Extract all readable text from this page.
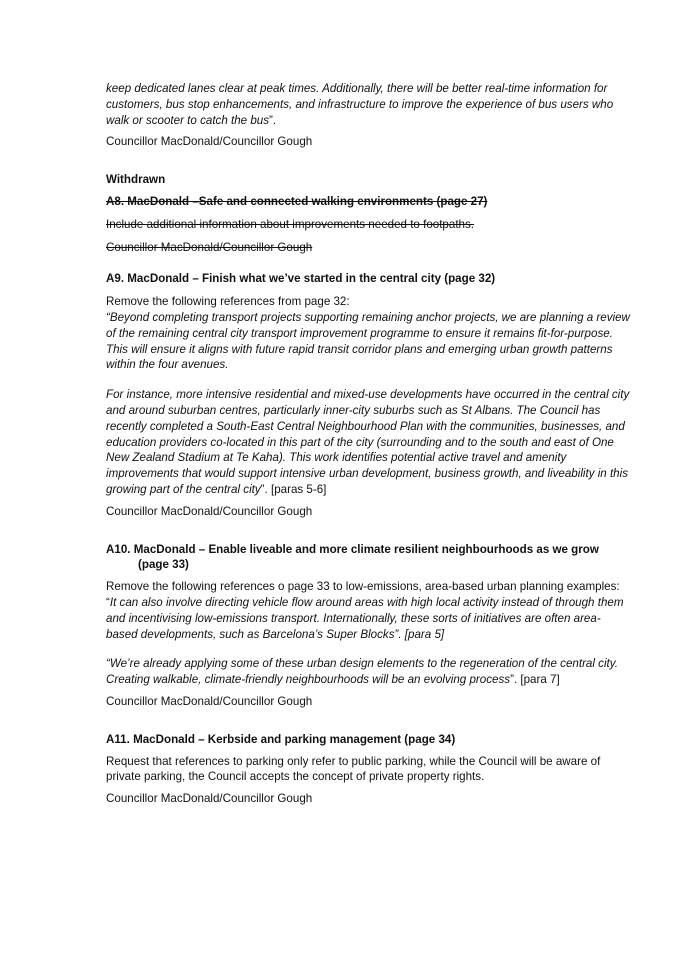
keep dedicated lanes clear at peak times. Additionally, there will be better real-time information for customers, bus stop enhancements, and infrastructure to improve the experience of bus users who walk or scooter to catch the bus”.

Councillor MacDonald/Councillor Gough

Withdrawn

A8. MacDonald –Safe and connected walking environments (page 27)

Include additional information about improvements needed to footpaths.

Councillor MacDonald/Councillor Gough

A9. MacDonald – Finish what we’ve started in the central city (page 32)

Remove the following references from page 32:

“Beyond completing transport projects supporting remaining anchor projects, we are planning a review of the remaining central city transport improvement programme to ensure it remains fit-for-purpose. This will ensure it aligns with future rapid transit corridor plans and emerging urban growth patterns within the four avenues.

For instance, more intensive residential and mixed-use developments have occurred in the central city and around suburban centres, particularly inner-city suburbs such as St Albans. The Council has recently completed a South-East Central Neighbourhood Plan with the communities, businesses, and education providers co-located in this part of the city (surrounding and to the south and east of One New Zealand Stadium at Te Kaha). This work identifies potential active travel and amenity improvements that would support intensive urban development, business growth, and liveability in this growing part of the central city”. [paras 5-6]

Councillor MacDonald/Councillor Gough

A10. MacDonald – Enable liveable and more climate resilient neighbourhoods as we grow

(page 33)

Remove the following references o page 33 to low-emissions, area-based urban planning examples:

“It can also involve directing vehicle flow around areas with high local activity instead of through them and incentivising low-emissions transport. Internationally, these sorts of initiatives are often area-based developments, such as Barcelona’s Super Blocks”. [para 5]

“We’re already applying some of these urban design elements to the regeneration of the central city. Creating walkable, climate-friendly neighbourhoods will be an evolving process”. [para 7]

Councillor MacDonald/Councillor Gough

A11. MacDonald – Kerbside and parking management (page 34)

Request that references to parking only refer to public parking, while the Council will be aware of private parking, the Council accepts the concept of private property rights.

Councillor MacDonald/Councillor Gough
